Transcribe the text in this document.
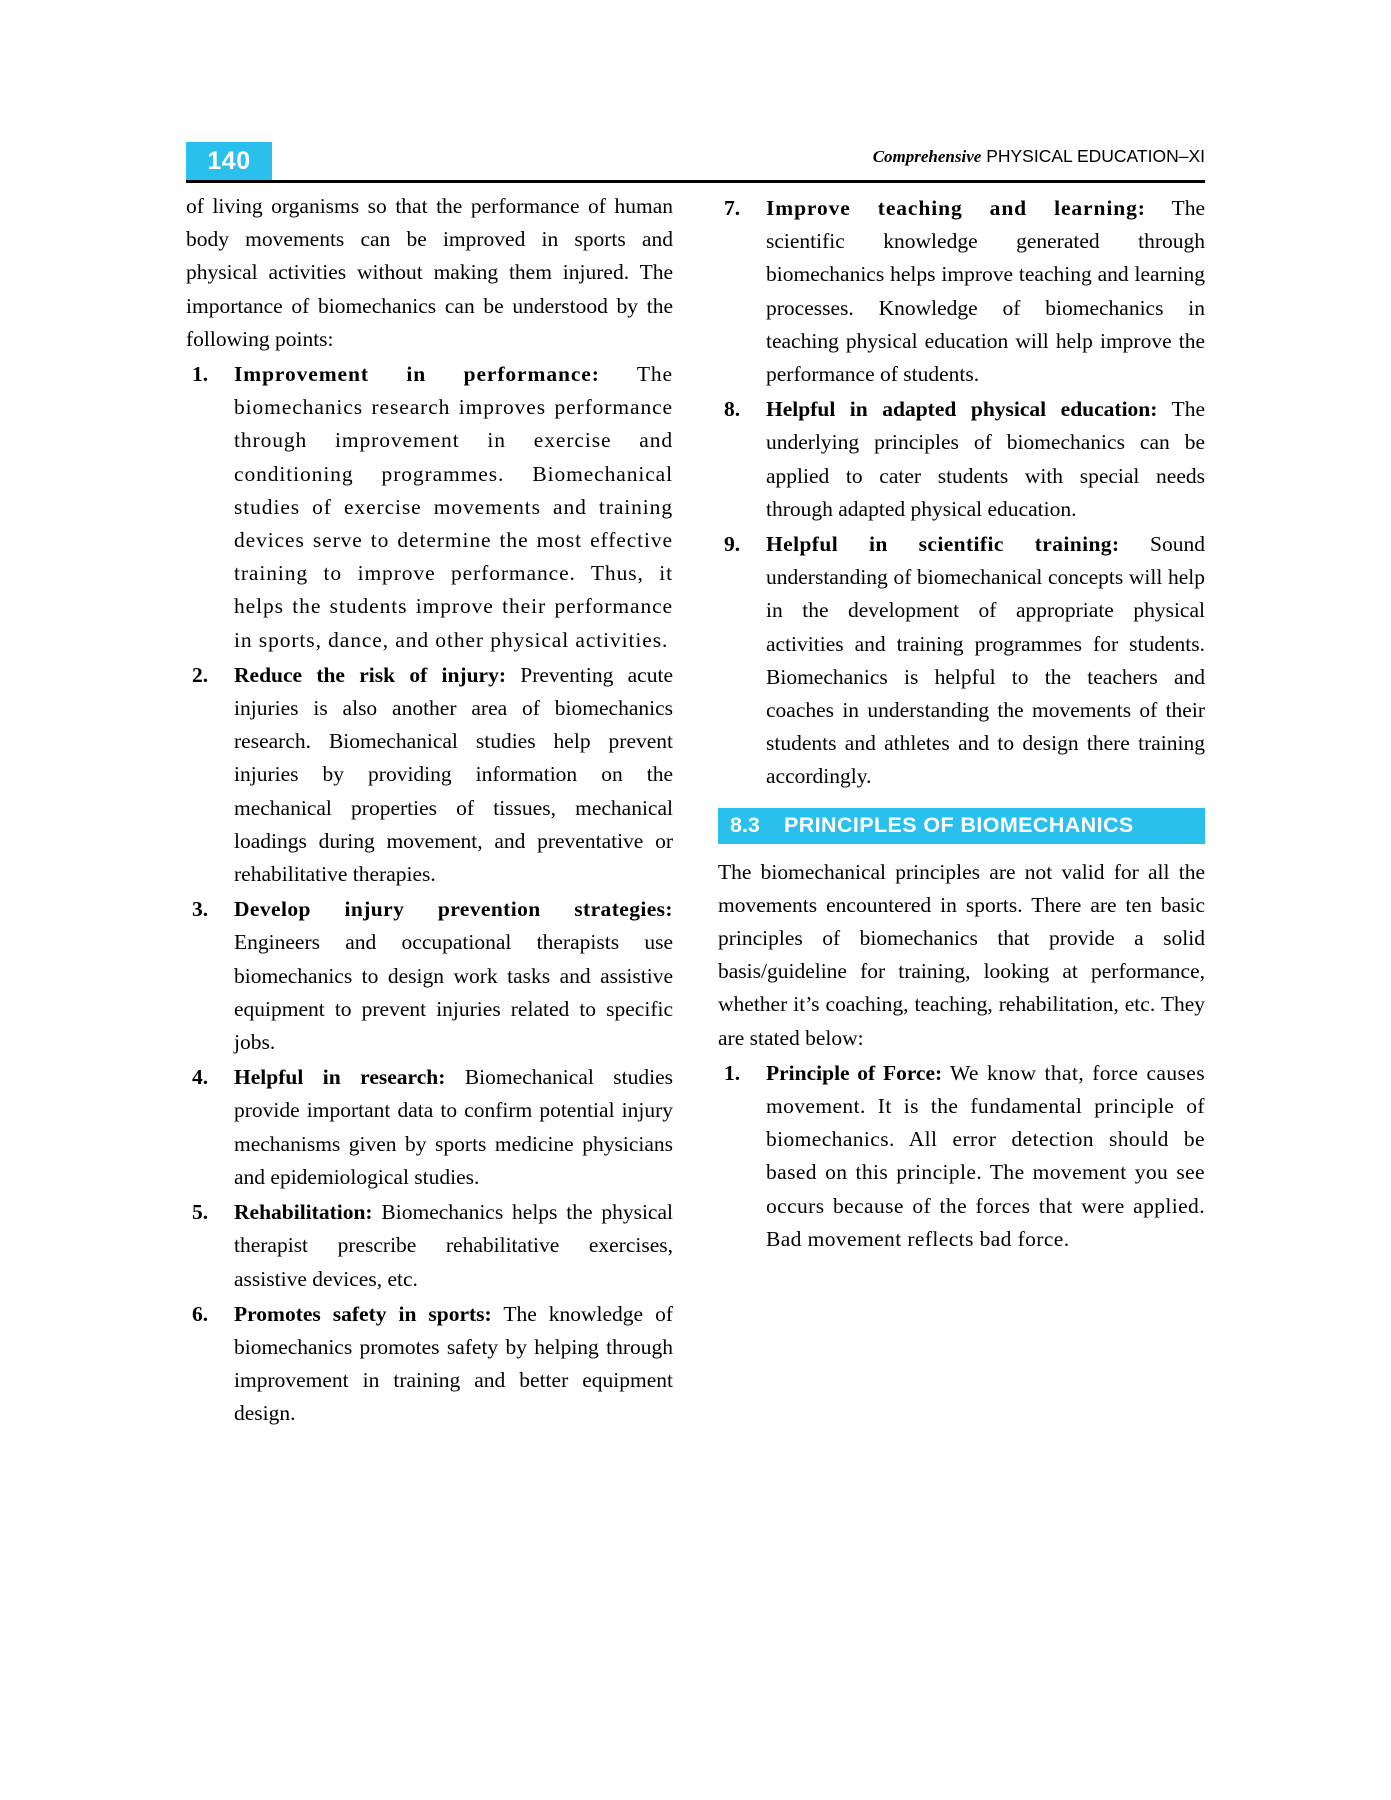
140	Comprehensive PHYSICAL EDUCATION–XI

of living organisms so that the performance of human body movements can be improved in sports and physical activities without making them injured. The importance of biomechanics can be understood by the following points:

1.	Improvement in performance: The biomechanics research improves performance through improvement in exercise and conditioning programmes. Biomechanical studies of exercise movements and training devices serve to determine the most effective training to improve performance. Thus, it helps the students improve their performance in sports, dance, and other physical activities.
2.	Reduce the risk of injury: Preventing acute injuries is also another area of biomechanics research. Biomechanical studies help prevent injuries by providing information on the mechanical properties of tissues, mechanical loadings during movement, and preventative or rehabilitative therapies.
3.	Develop injury prevention strategies: Engineers and occupational therapists use biomechanics to design work tasks and assistive equipment to prevent injuries related to specific jobs.
4.	Helpful in research: Biomechanical studies provide important data to confirm potential injury mechanisms given by sports medicine physicians and epidemiological studies.
5.	Rehabilitation: Biomechanics helps the physical therapist prescribe rehabilitative exercises, assistive devices, etc.
6.	Promotes safety in sports: The knowledge of biomechanics promotes safety by helping through improvement in training and better equipment design.
7.	Improve teaching and learning: The scientific knowledge generated through biomechanics helps improve teaching and learning processes. Knowledge of biomechanics in teaching physical education will help improve the performance of students.
8.	Helpful in adapted physical education: The underlying principles of biomechanics can be applied to cater students with special needs through adapted physical education.
9.	Helpful in scientific training: Sound understanding of biomechanical concepts will help in the development of appropriate physical activities and training programmes for students. Biomechanics is helpful to the teachers and coaches in understanding the movements of their students and athletes and to design there training accordingly.
8.3	PRINCIPLES OF BIOMECHANICS

The biomechanical principles are not valid for all the movements encountered in sports. There are ten basic principles of biomechanics that provide a solid basis/guideline for training, looking at performance, whether it’s coaching, teaching, rehabilitation, etc. They are stated below:

1.	Principle of Force: We know that, force causes movement. It is the fundamental principle of biomechanics. All error detection should be based on this principle. The movement you see occurs because of the forces that were applied. Bad movement reflects bad force.
